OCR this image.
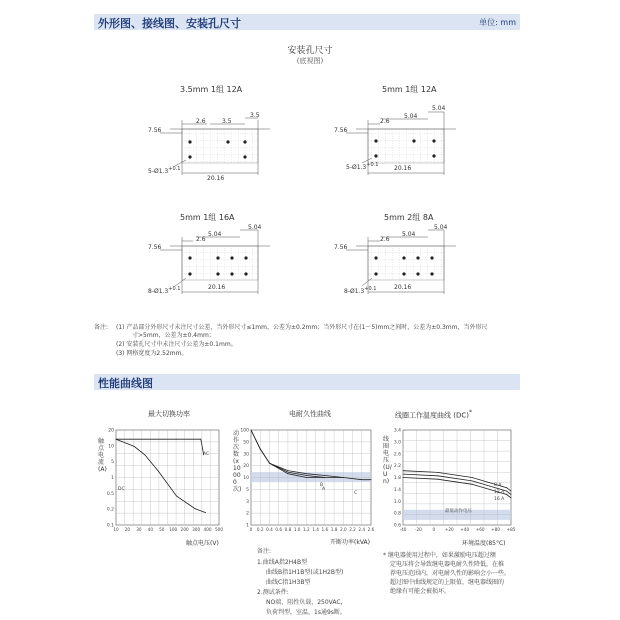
外形图、接线图、安装孔尺寸	单位: mm
安装孔尺寸
(底视图)
3.5mm 1组 12A
2.6	3.5
3.5
7.56
20.16
$5-Ø1.3^{+0.1}$
5mm 1组 12A
2.6
5.04
5.04
7.56
20.16
$5-Ø1.3^{+0.1}$
5mm 1组 16A
2.6
5.04
5.04
7.56
20.16
$8-Ø1.3^{+0.1}$
5mm 2组 8A
2.6
5.04
5.04
7.56
20.16
$8-Ø1.3^{+0.1}$
备注: (1) 产品部分外形尺寸未注尺寸公差，当外形尺寸≤1mm，公差为±0.2mm；当外形尺寸在(1～5)mm之间时，公差为±0.3mm，当外形尺
寸>5mm，公差为±0.4mm；
(2) 安装孔尺寸中未注尺寸公差为±0.1mm。
(3) 网格宽度为2.52mm。
性能曲线图
最大切换功率	电耐久性曲线	线圈工作温度曲线 (DC)*
20
10
5
1
0.5
0.2
0.1
10 20 30 40 50 100 200 300 400 500
AC
DC
100
50
30
20
10
5
3
2
1
0 0.2 0.4 0.6 0.8 1.0 1.2 1.4 1.6 1.8 2.0 2.2 2.4 2.6
A
B
C
3.4
3.0
2.6
2.2
1.8
1.4
1.0
0.8
0.6
-40 -20	0 +20 +40 +60 +80 +85
8 A
12 A
16 A
最低动作电压
触点电流 (A)
触点电压(V)
动作次数(x10000次)
开断功率(kVA)
线圈电压(U/Un)
环境温度(85°C)
备注:
1.曲线A指2H4B型
曲线B指1H1B型(或1H2B型)
曲线C指1H3B型
2.测试条件:
NO端，阻性负载，250VAC，
负荷判型，室温，1s通9s断。
* 继电器使用过程中，如果激励电压超过额
定电压将会导致继电器电耐久性降低，在推
荐电压范围内，对电耐久性的影响会小一些。
超过图中曲线规定的上限值，继电器线圈的
绝缘有可能会被损坏。
